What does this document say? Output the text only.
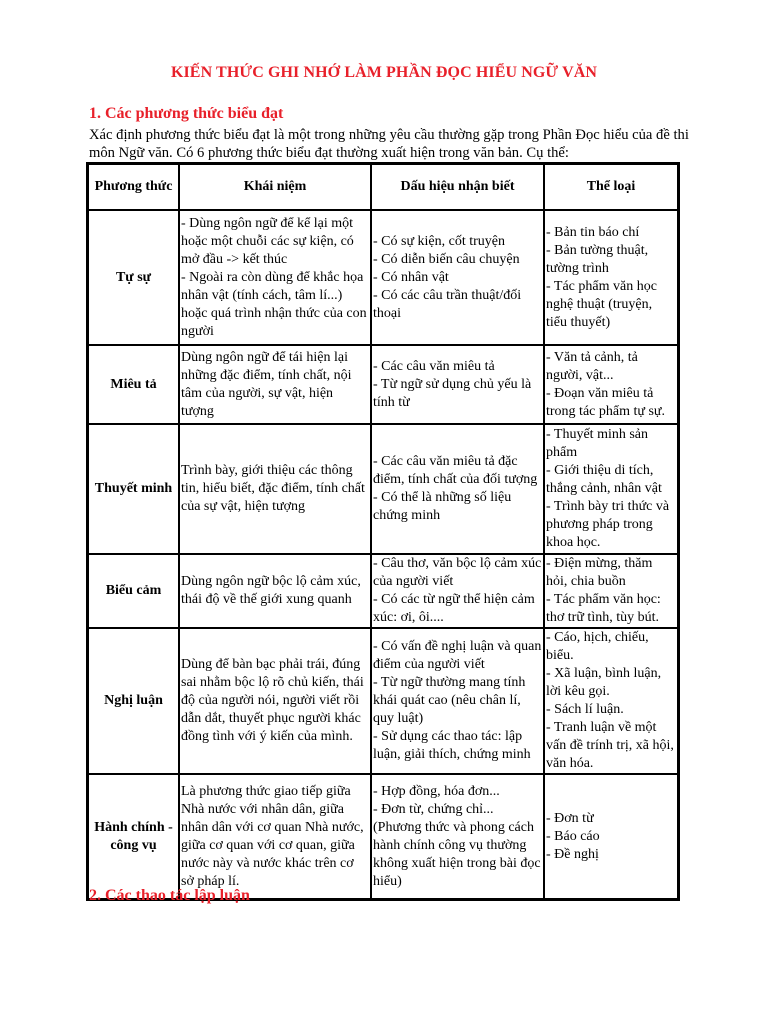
KIẾN THỨC GHI NHỚ LÀM PHẦN ĐỌC HIỂU NGỮ VĂN
1. Các phương thức biểu đạt
Xác định phương thức biểu đạt là một trong những yêu cầu thường gặp trong Phần Đọc hiểu của đề thi môn Ngữ văn. Có 6 phương thức biểu đạt thường xuất hiện trong văn bản. Cụ thể:
Phương thức	Khái niệm	Dấu hiệu nhận biết	Thể loại
Tự sự	- Dùng ngôn ngữ để kể lại một hoặc một chuỗi các sự kiện, có mở đầu -> kết thúc
- Ngoài ra còn dùng để khắc họa nhân vật (tính cách, tâm lí...) hoặc quá trình nhận thức của con người	- Có sự kiện, cốt truyện
- Có diễn biến câu chuyện
- Có nhân vật
- Có các câu trần thuật/đối thoại	- Bản tin báo chí
- Bản tường thuật, tường trình
- Tác phẩm văn học nghệ thuật (truyện, tiểu thuyết)

Miêu tả	Dùng ngôn ngữ để tái hiện lại những đặc điểm, tính chất, nội tâm của người, sự vật, hiện tượng	- Các câu văn miêu tả
- Từ ngữ sử dụng chủ yếu là tính từ	- Văn tả cảnh, tả người, vật...
- Đoạn văn miêu tả trong tác phẩm tự sự.

Thuyết minh	Trình bày, giới thiệu các thông tin, hiểu biết, đặc điểm, tính chất của sự vật, hiện tượng	- Các câu văn miêu tả đặc điểm, tính chất của đối tượng
- Có thể là những số liệu chứng minh	- Thuyết minh sản phẩm
- Giới thiệu di tích, thắng cảnh, nhân vật
- Trình bày tri thức và phương pháp trong khoa học.

Biểu cảm	Dùng ngôn ngữ bộc lộ cảm xúc, thái độ về thế giới xung quanh	- Câu thơ, văn bộc lộ cảm xúc của người viết
- Có các từ ngữ thể hiện cảm xúc: ơi, ôi....	- Điện mừng, thăm hỏi, chia buồn
- Tác phẩm văn học: thơ trữ tình, tùy bút.

Nghị luận	Dùng để bàn bạc phải trái, đúng sai nhằm bộc lộ rõ chủ kiến, thái độ của người nói, người viết rồi dẫn dắt, thuyết phục người khác đồng tình với ý kiến của mình.	- Có vấn đề nghị luận và quan điểm của người viết
- Từ ngữ thường mang tính khái quát cao (nêu chân lí, quy luật)
- Sử dụng các thao tác: lập luận, giải thích, chứng minh	- Cáo, hịch, chiếu, biểu.
- Xã luận, bình luận, lời kêu gọi.
- Sách lí luận.
- Tranh luận về một vấn đề trính trị, xã hội, văn hóa.

Hành chính - công vụ	Là phương thức giao tiếp giữa Nhà nước với nhân dân, giữa nhân dân với cơ quan Nhà nước, giữa cơ quan với cơ quan, giữa nước này và nước khác trên cơ sở pháp lí.	- Hợp đồng, hóa đơn...
- Đơn từ, chứng chỉ...
(Phương thức và phong cách hành chính công vụ thường không xuất hiện trong bài đọc hiểu)	- Đơn từ
- Báo cáo
- Đề nghị
2. Các thao tác lập luận
